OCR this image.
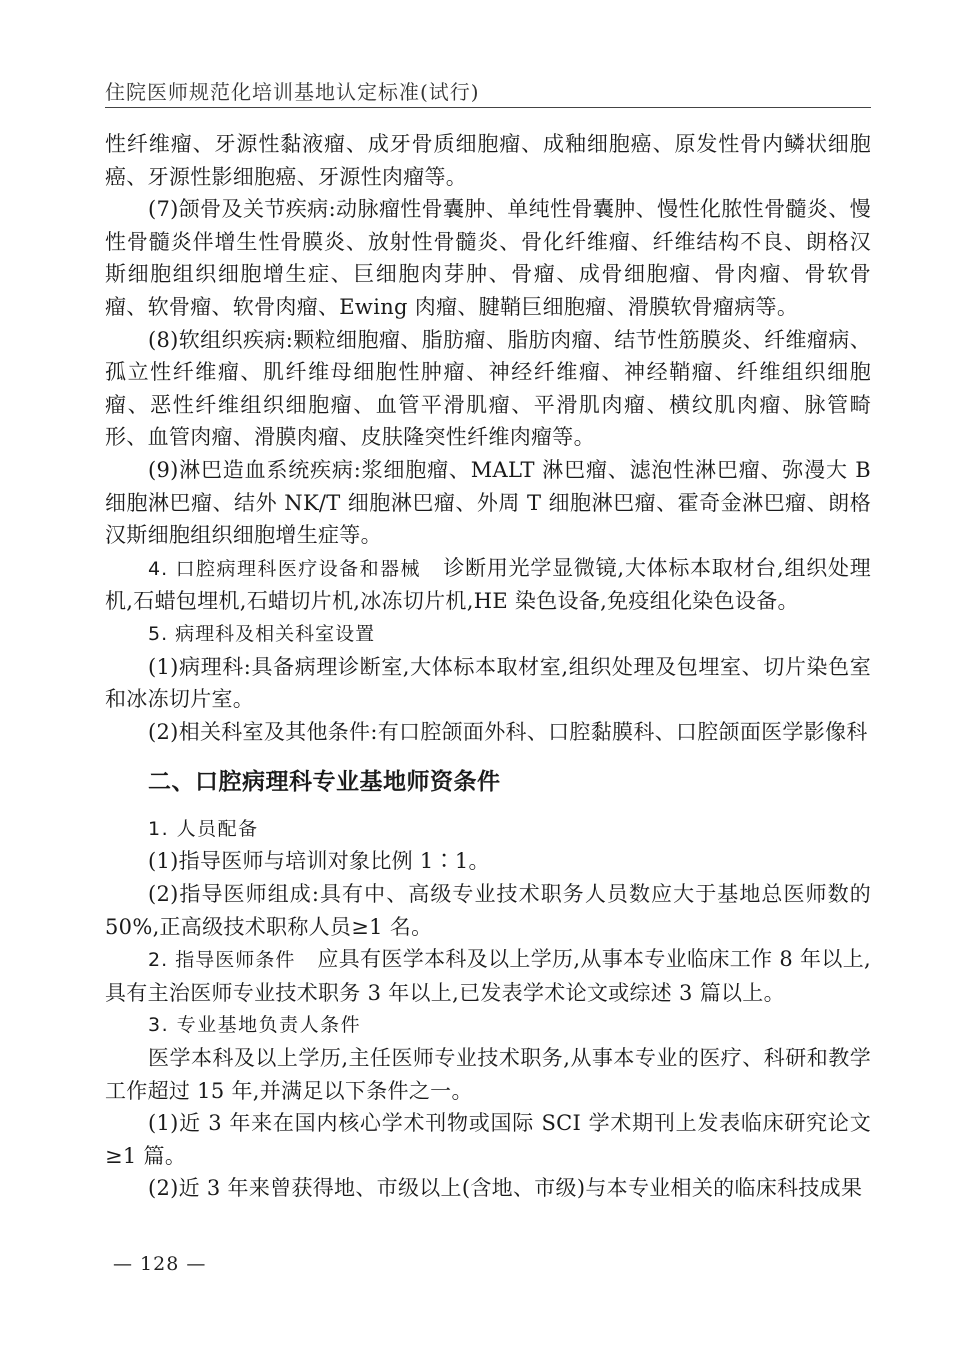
住院医师规范化培训基地认定标准(试行)

性纤维瘤、牙源性黏液瘤、成牙骨质细胞瘤、成釉细胞癌、原发性骨内鳞状细胞癌、牙源性影细胞癌、牙源性肉瘤等。

(7)颌骨及关节疾病:动脉瘤性骨囊肿、单纯性骨囊肿、慢性化脓性骨髓炎、慢性骨髓炎伴增生性骨膜炎、放射性骨髓炎、骨化纤维瘤、纤维结构不良、朗格汉斯细胞组织细胞增生症、巨细胞肉芽肿、骨瘤、成骨细胞瘤、骨肉瘤、骨软骨瘤、软骨瘤、软骨肉瘤、Ewing 肉瘤、腱鞘巨细胞瘤、滑膜软骨瘤病等。

(8)软组织疾病:颗粒细胞瘤、脂肪瘤、脂肪肉瘤、结节性筋膜炎、纤维瘤病、孤立性纤维瘤、肌纤维母细胞性肿瘤、神经纤维瘤、神经鞘瘤、纤维组织细胞瘤、恶性纤维组织细胞瘤、血管平滑肌瘤、平滑肌肉瘤、横纹肌肉瘤、脉管畸形、血管肉瘤、滑膜肉瘤、皮肤隆突性纤维肉瘤等。

(9)淋巴造血系统疾病:浆细胞瘤、MALT 淋巴瘤、滤泡性淋巴瘤、弥漫大 B 细胞淋巴瘤、结外 NK/T 细胞淋巴瘤、外周 T 细胞淋巴瘤、霍奇金淋巴瘤、朗格汉斯细胞组织细胞增生症等。

4. 口腔病理科医疗设备和器械 诊断用光学显微镜,大体标本取材台,组织处理机,石蜡包埋机,石蜡切片机,冰冻切片机,HE 染色设备,免疫组化染色设备。

5. 病理科及相关科室设置

(1)病理科:具备病理诊断室,大体标本取材室,组织处理及包埋室、切片染色室和冰冻切片室。

(2)相关科室及其他条件:有口腔颌面外科、口腔黏膜科、口腔颌面医学影像科

二、口腔病理科专业基地师资条件

1. 人员配备

(1)指导医师与培训对象比例 1∶1。

(2)指导医师组成:具有中、高级专业技术职务人员数应大于基地总医师数的 50%,正高级技术职称人员≥1 名。

2. 指导医师条件 应具有医学本科及以上学历,从事本专业临床工作 8 年以上,具有主治医师专业技术职务 3 年以上,已发表学术论文或综述 3 篇以上。

3. 专业基地负责人条件

医学本科及以上学历,主任医师专业技术职务,从事本专业的医疗、科研和教学工作超过 15 年,并满足以下条件之一。

(1)近 3 年来在国内核心学术刊物或国际 SCI 学术期刊上发表临床研究论文≥1 篇。

(2)近 3 年来曾获得地、市级以上(含地、市级)与本专业相关的临床科技成果

— 128 —
